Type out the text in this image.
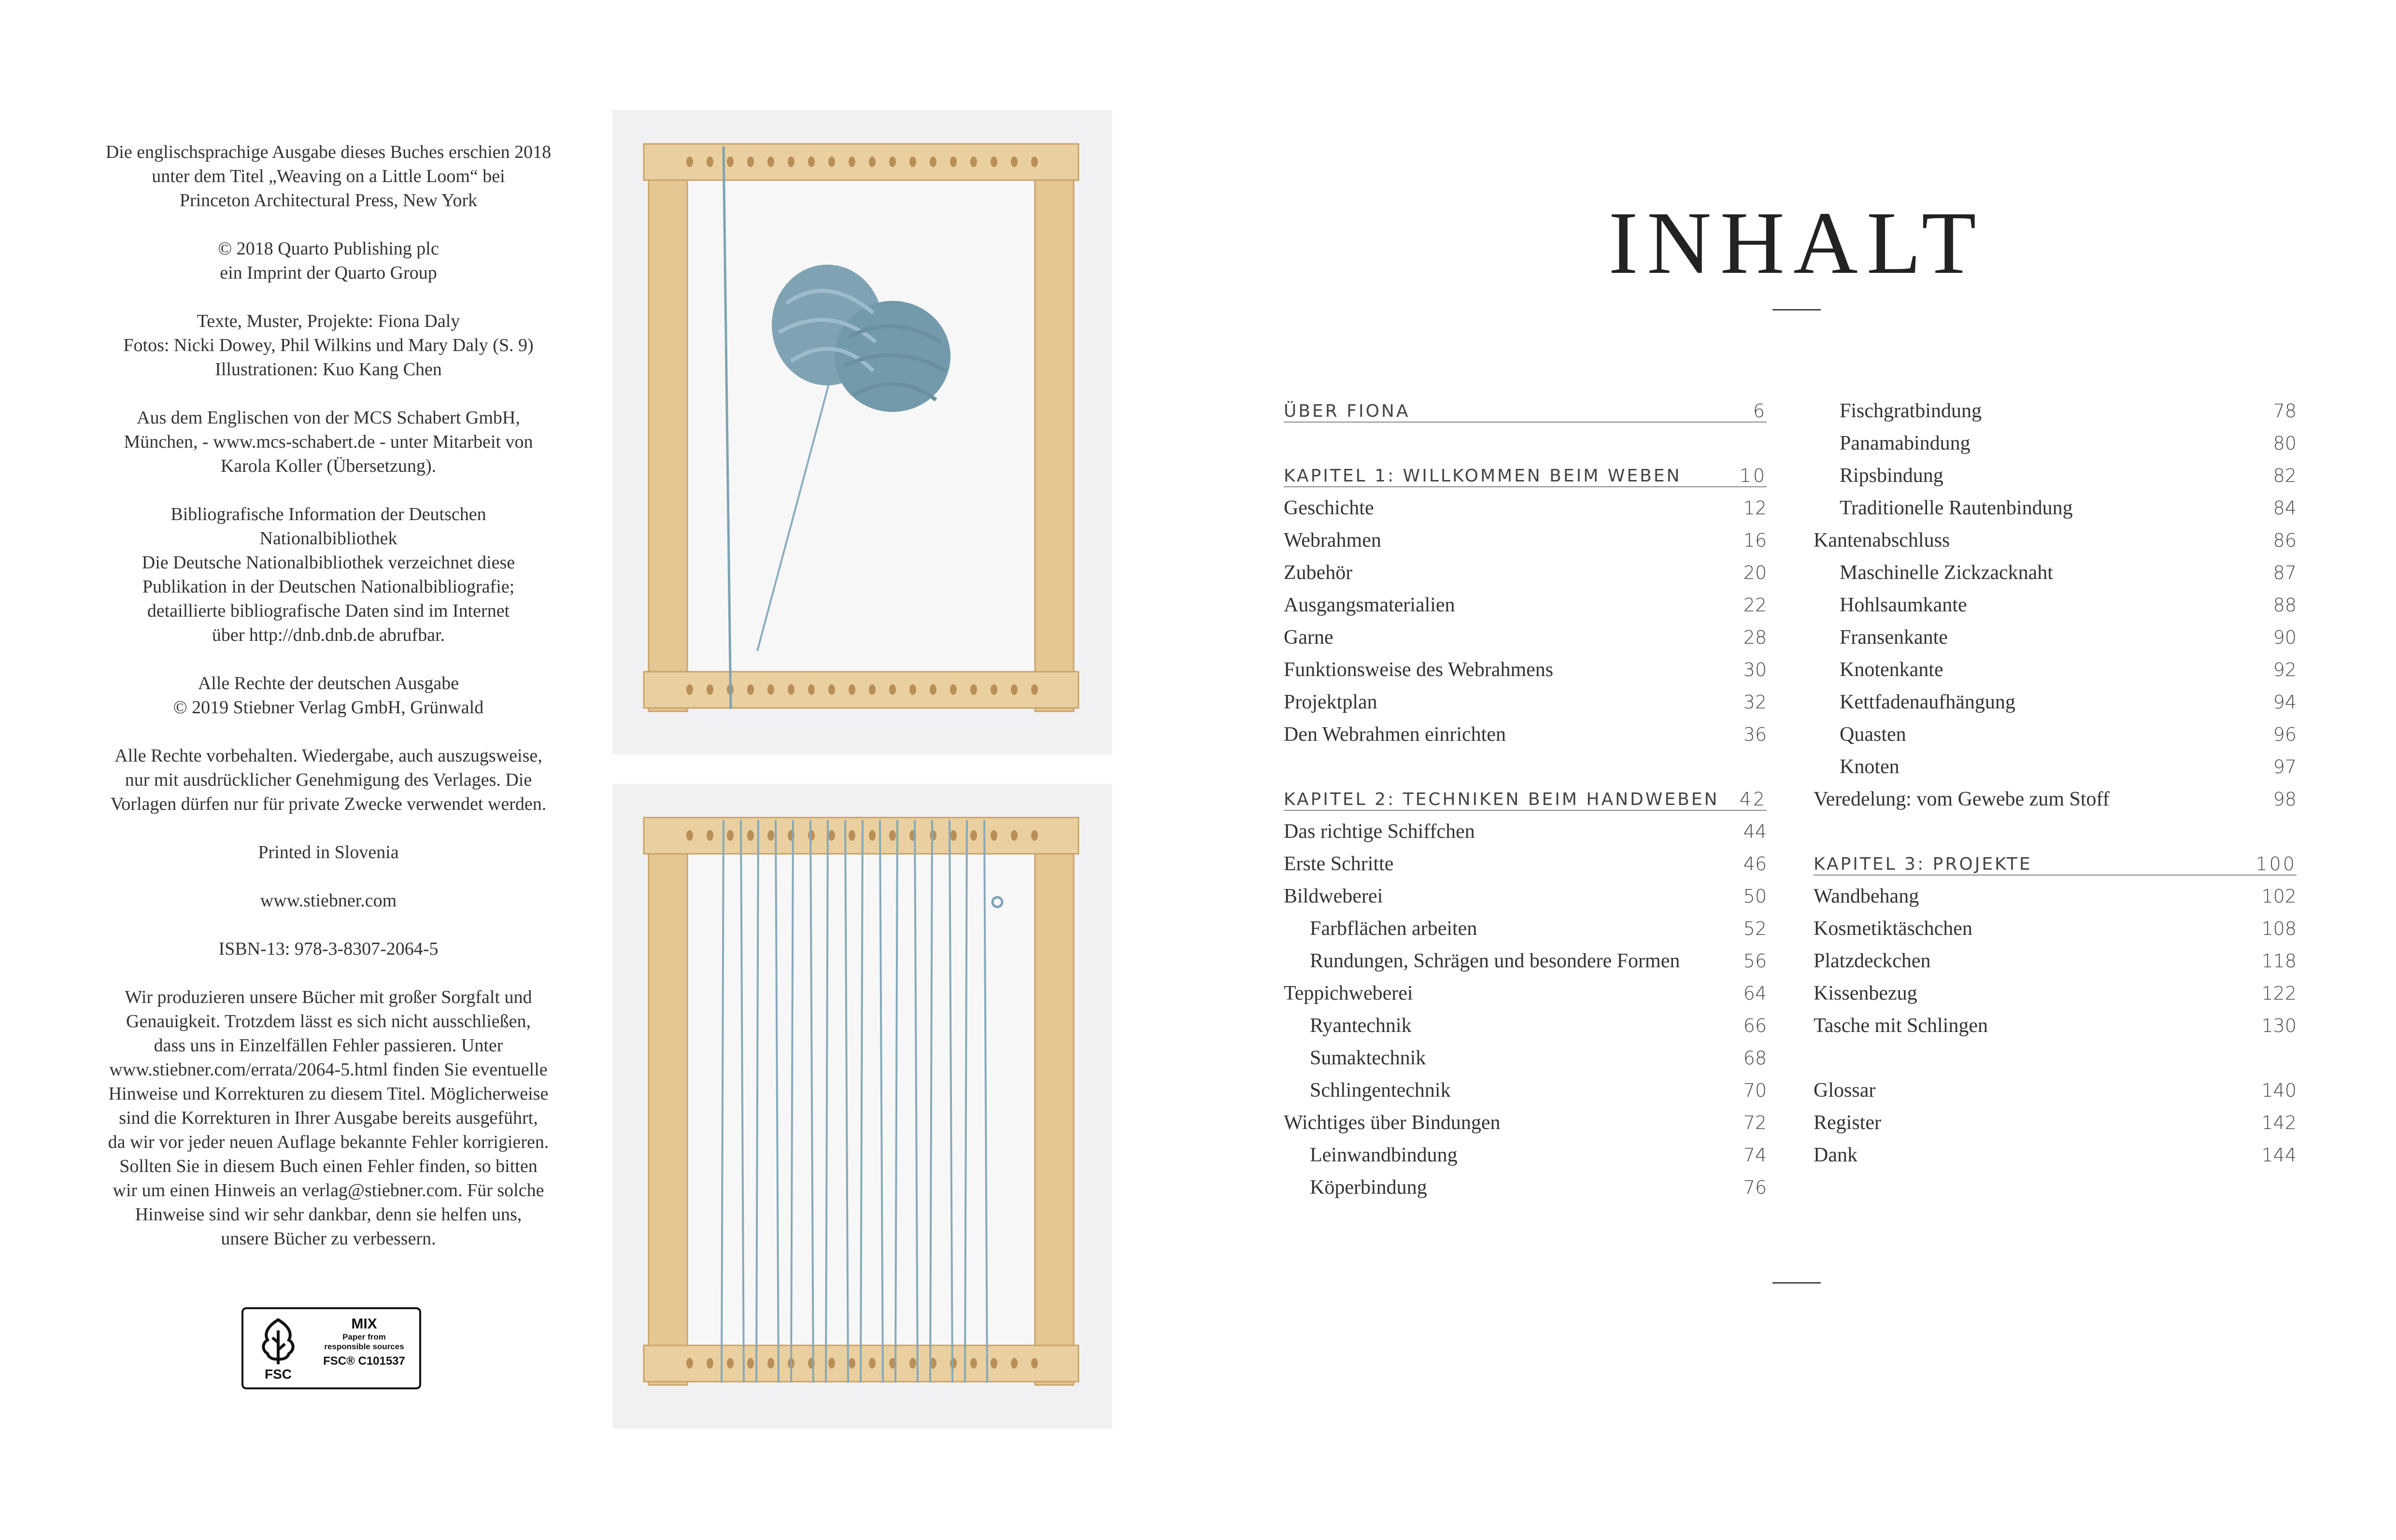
Die englischsprachige Ausgabe dieses Buches erschien 2018
unter dem Titel „Weaving on a Little Loom“ bei
Princeton Architectural Press, New York
© 2018 Quarto Publishing plc
ein Imprint der Quarto Group
Texte, Muster, Projekte: Fiona Daly
Fotos: Nicki Dowey, Phil Wilkins und Mary Daly (S. 9)
Illustrationen: Kuo Kang Chen
Aus dem Englischen von der MCS Schabert GmbH,
München, - www.mcs-schabert.de - unter Mitarbeit von
Karola Koller (Übersetzung).
Bibliografische Information der Deutschen
Nationalbibliothek
Die Deutsche Nationalbibliothek verzeichnet diese
Publikation in der Deutschen Nationalbibliografie;
detaillierte bibliografische Daten sind im Internet
über http://dnb.dnb.de abrufbar.
Alle Rechte der deutschen Ausgabe
© 2019 Stiebner Verlag GmbH, Grünwald
Alle Rechte vorbehalten. Wiedergabe, auch auszugsweise,
nur mit ausdrücklicher Genehmigung des Verlages. Die
Vorlagen dürfen nur für private Zwecke verwendet werden.
Printed in Slovenia
www.stiebner.com
ISBN-13: 978-3-8307-2064-5
Wir produzieren unsere Bücher mit großer Sorgfalt und
Genauigkeit. Trotzdem lässt es sich nicht ausschließen,
dass uns in Einzelfällen Fehler passieren. Unter
www.stiebner.com/errata/2064-5.html finden Sie eventuelle
Hinweise und Korrekturen zu diesem Titel. Möglicherweise
sind die Korrekturen in Ihrer Ausgabe bereits ausgeführt,
da wir vor jeder neuen Auflage bekannte Fehler korrigieren.
Sollten Sie in diesem Buch einen Fehler finden, so bitten
wir um einen Hinweis an verlag@stiebner.com. Für solche
Hinweise sind wir sehr dankbar, denn sie helfen uns,
unsere Bücher zu verbessern.
FSC
MIX
Paper from
responsible sources
FSC® C101537
INHALT
ÜBER FIONA	6
KAPITEL 1: WILLKOMMEN BEIM WEBEN	10
Geschichte	12
Webrahmen	16
Zubehör	20
Ausgangsmaterialien	22
Garne	28
Funktionsweise des Webrahmens	30
Projektplan	32
Den Webrahmen einrichten	36
KAPITEL 2: TECHNIKEN BEIM HANDWEBEN 42
Das richtige Schiffchen	44
Erste Schritte	46
Bildweberei	50
Farbflächen arbeiten	52
Rundungen, Schrägen und besondere Formen	56
Teppichweberei	64
Ryantechnik	66
Sumaktechnik	68
Schlingentechnik	70
Wichtiges über Bindungen	72
Leinwandbindung	74
Köperbindung	76
Fischgratbindung	78
Panamabindung	80
Ripsbindung	82
Traditionelle Rautenbindung	84
Kantenabschluss	86
Maschinelle Zickzacknaht	87
Hohlsaumkante	88
Fransenkante	90
Knotenkante	92
Kettfadenaufhängung	94
Quasten	96
Knoten	97
Veredelung: vom Gewebe zum Stoff	98
KAPITEL 3: PROJEKTE	100
Wandbehang	102
Kosmetiktäschchen	108
Platzdeckchen	118
Kissenbezug	122
Tasche mit Schlingen	130
Glossar	140
Register	142
Dank	144
